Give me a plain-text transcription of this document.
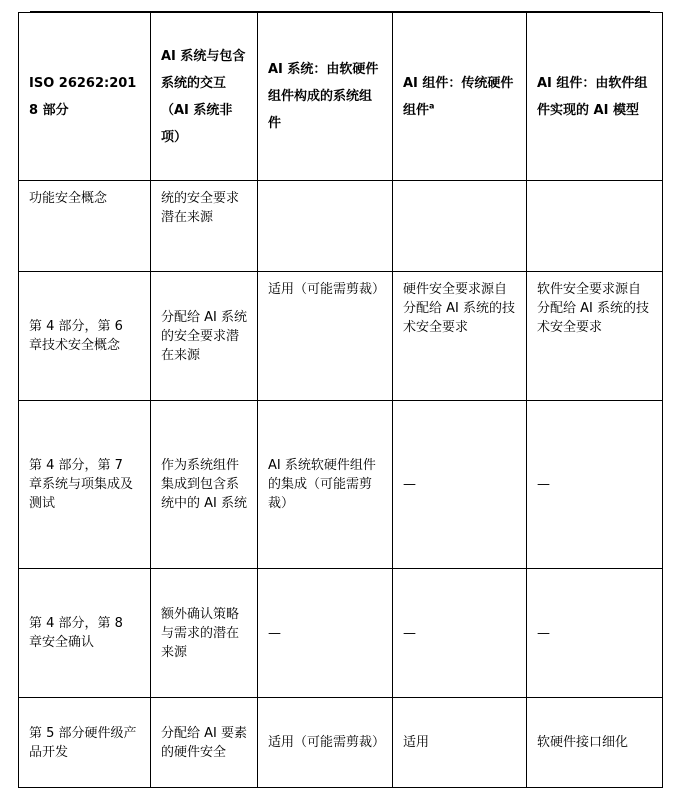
ISO 26262:2018 部分	AI 系统与包含系统的交互（AI 系统非项）	AI 系统：由软硬件组件构成的系统组件	AI 组件：传统硬件组件$^a$	AI 组件：由软件组件实现的 AI 模型
功能安全概念	统的安全要求潜在来源			
第 4 部分，第 6 章技术安全概念	分配给 AI 系统的安全要求潜在来源	适用（可能需剪裁）	硬件安全要求源自分配给 AI 系统的技术安全要求	软件安全要求源自分配给 AI 系统的技术安全要求
第 4 部分，第 7 章系统与项集成及测试	作为系统组件集成到包含系统中的 AI 系统	AI 系统软硬件组件的集成（可能需剪裁）	—	—
第 4 部分，第 8 章安全确认	额外确认策略与需求的潜在来源	—	—	—
第 5 部分硬件级产品开发	分配给 AI 要素的硬件安全	适用（可能需剪裁）	适用	软硬件接口细化
